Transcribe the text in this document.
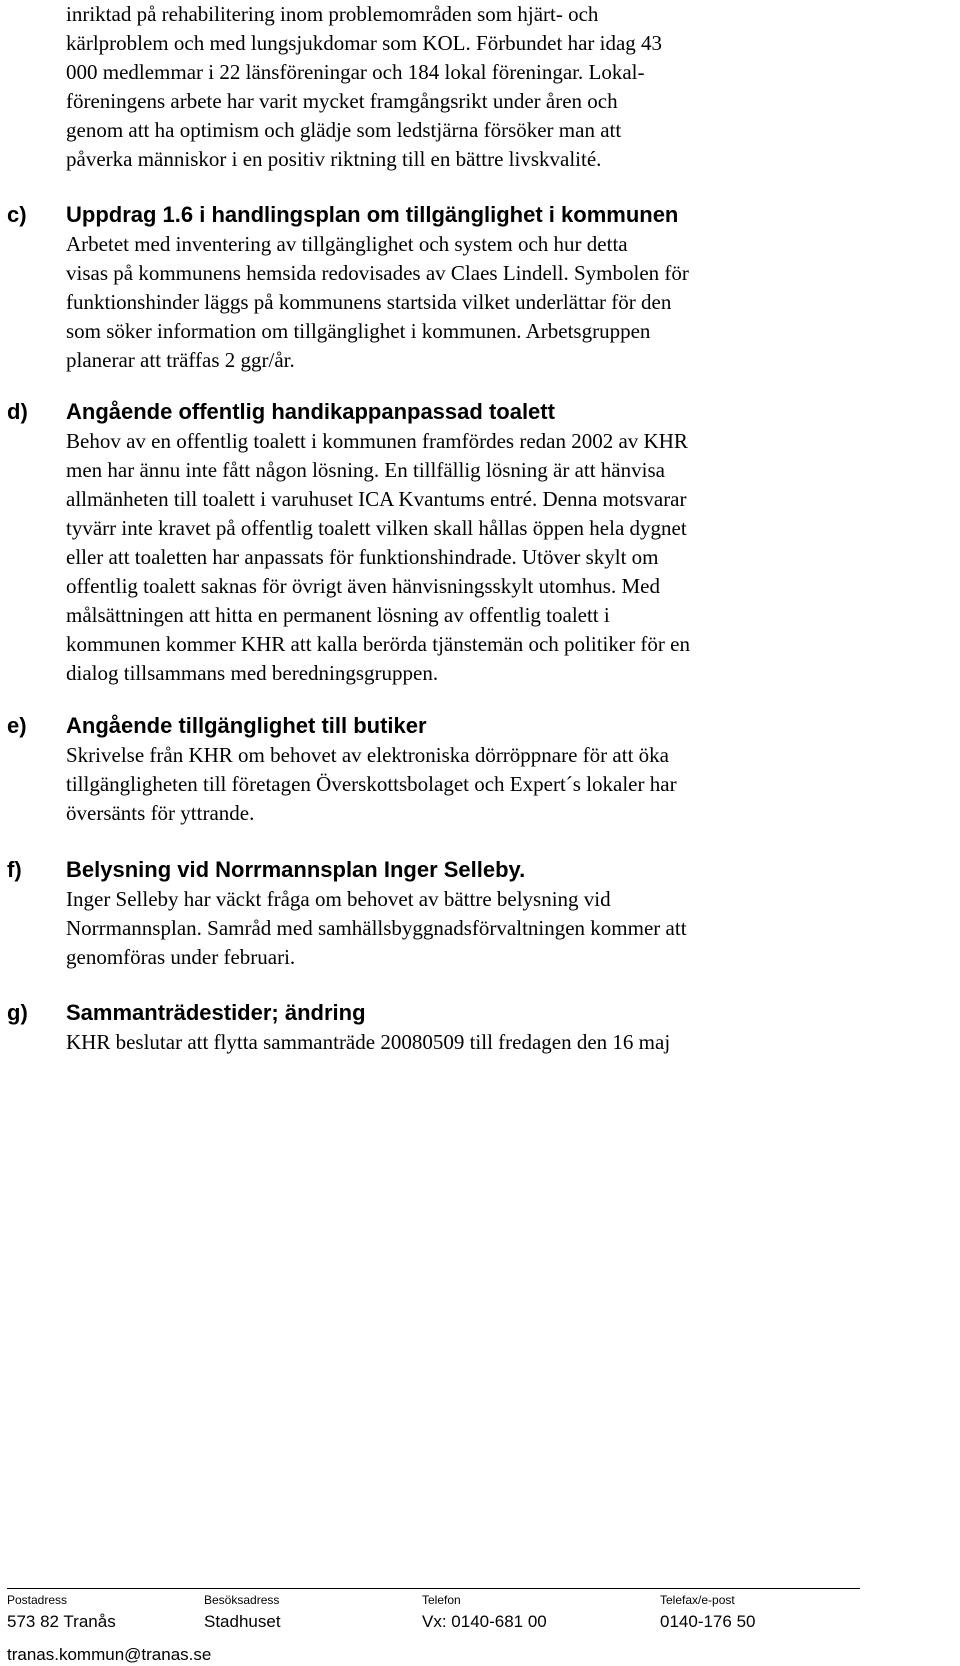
inriktad på rehabilitering inom problemområden som hjärt- och
kärlproblem och med lungsjukdomar som KOL. Förbundet har idag 43
000 medlemmar i 22 länsföreningar och 184 lokal föreningar. Lokal-
föreningens arbete har varit mycket framgångsrikt under åren och
genom att ha optimism och glädje som ledstjärna försöker man att
påverka människor i en positiv riktning till en bättre livskvalité.
c) Uppdrag 1.6 i handlingsplan om tillgänglighet i kommunen
Arbetet med inventering av tillgänglighet och system och hur detta
visas på kommunens hemsida redovisades av Claes Lindell. Symbolen för
funktionshinder läggs på kommunens startsida vilket underlättar för den
som söker information om tillgänglighet i kommunen. Arbetsgruppen
planerar att träffas 2 ggr/år.
d) Angående offentlig handikappanpassad toalett
Behov av en offentlig toalett i kommunen framfördes redan 2002 av KHR
men har ännu inte fått någon lösning. En tillfällig lösning är att hänvisa
allmänheten till toalett i varuhuset ICA Kvantums entré. Denna motsvarar
tyvärr inte kravet på offentlig toalett vilken skall hållas öppen hela dygnet
eller att toaletten har anpassats för funktionshindrade. Utöver skylt om
offentlig toalett saknas för övrigt även hänvisningsskylt utomhus. Med
målsättningen att hitta en permanent lösning av offentlig toalett i
kommunen kommer KHR att kalla berörda tjänstemän och politiker för en
dialog tillsammans med beredningsgruppen.
e) Angående tillgänglighet till butiker
Skrivelse från KHR om behovet av elektroniska dörröppnare för att öka
tillgängligheten till företagen Överskottsbolaget och Expert´s lokaler har
översänts för yttrande.
f) Belysning vid Norrmannsplan Inger Selleby.
Inger Selleby har väckt fråga om behovet av bättre belysning vid
Norrmannsplan. Samråd med samhällsbyggnadsförvaltningen kommer att
genomföras under februari.
g) Sammanträdestider; ändring
KHR beslutar att flytta sammanträde 20080509 till fredagen den 16 maj
Postadress	Besöksadress	Telefon	Telefax/e-post
573 82 Tranås	Stadhuset	Vx: 0140-681 00	0140-176 50
tranas.kommun@tranas.se
